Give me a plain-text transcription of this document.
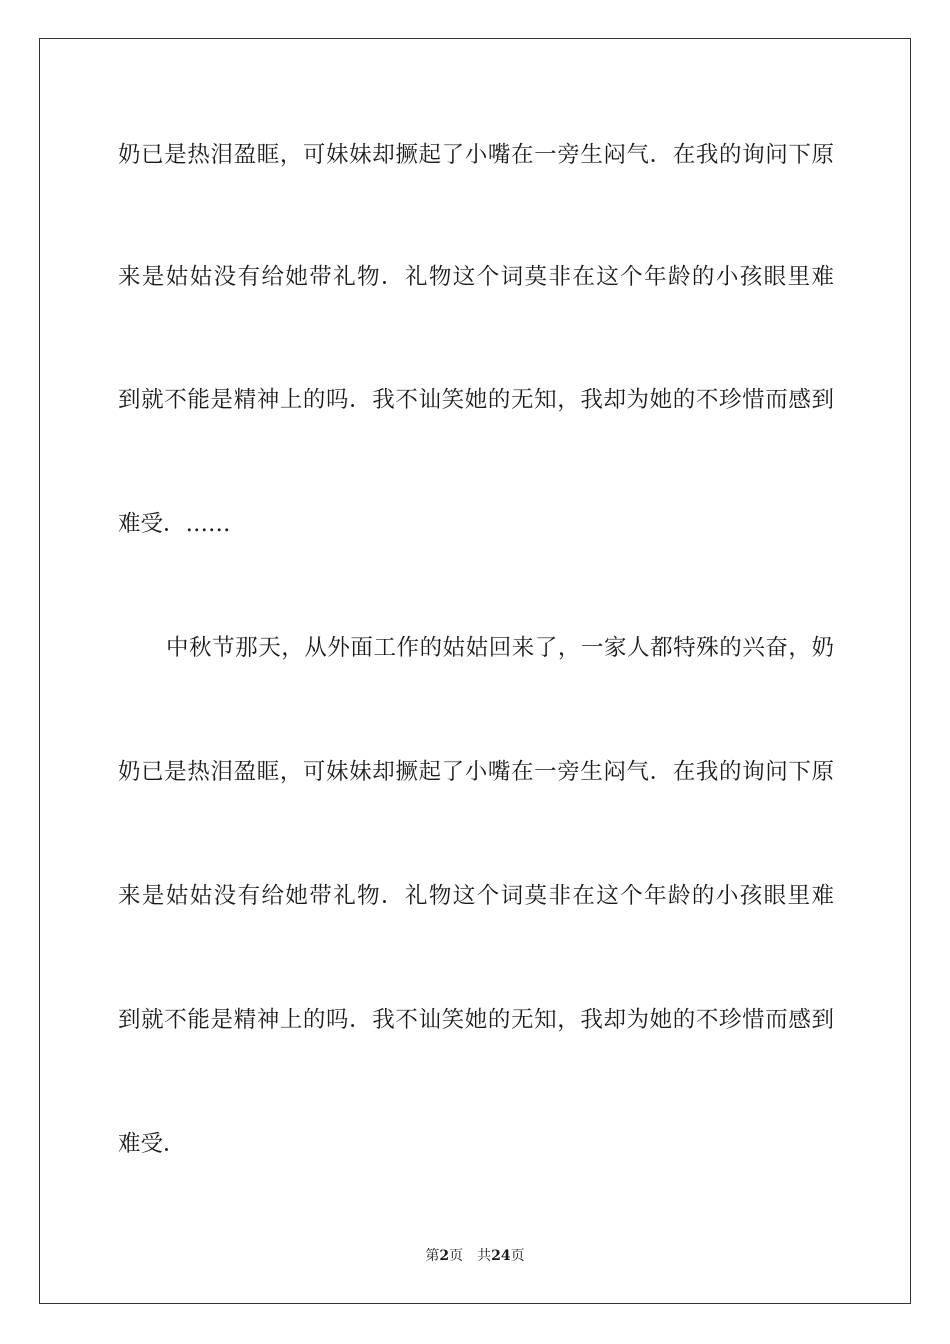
奶已是热泪盈眶，可妹妹却撅起了小嘴在一旁生闷气．在我的询问下原
来是姑姑没有给她带礼物．礼物这个词莫非在这个年龄的小孩眼里难
到就不能是精神上的吗．我不讪笑她的无知，我却为她的不珍惜而感到
难受．……
中秋节那天，从外面工作的姑姑回来了，一家人都特殊的兴奋，奶
奶已是热泪盈眶，可妹妹却撅起了小嘴在一旁生闷气．在我的询问下原
来是姑姑没有给她带礼物．礼物这个词莫非在这个年龄的小孩眼里难
到就不能是精神上的吗．我不讪笑她的无知，我却为她的不珍惜而感到
难受．
第2页 共24页
